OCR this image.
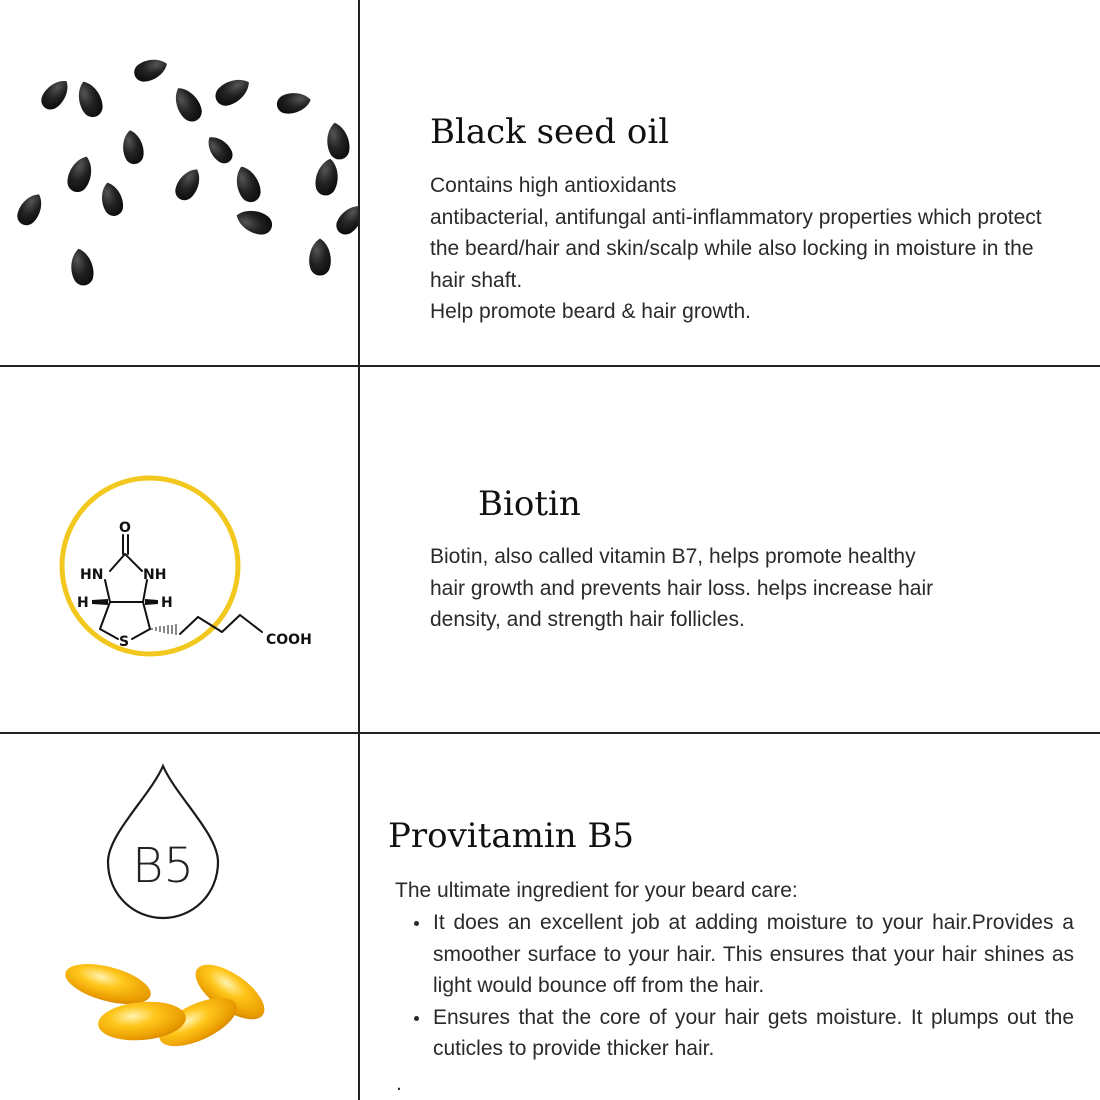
Black seed oil

Contains high antioxidants
antibacterial, antifungal anti-inflammatory properties which protect
the beard/hair and skin/scalp while also locking in moisture in the
hair shaft.
Help promote beard & hair growth.

O
HN	NH
H	H
S	COOH
Biotin

Biotin, also called vitamin B7, helps promote healthy
hair growth and prevents hair loss. helps increase hair
density, and strength hair follicles.

B5
Provitamin B5

The ultimate ingredient for your beard care:

It does an excellent job at adding moisture to your hair.Provides a smoother surface to your hair. This ensures that your hair shines as light would bounce off from the hair.
Ensures that the core of your hair gets moisture. It plumps out the cuticles to provide thicker hair.

.
